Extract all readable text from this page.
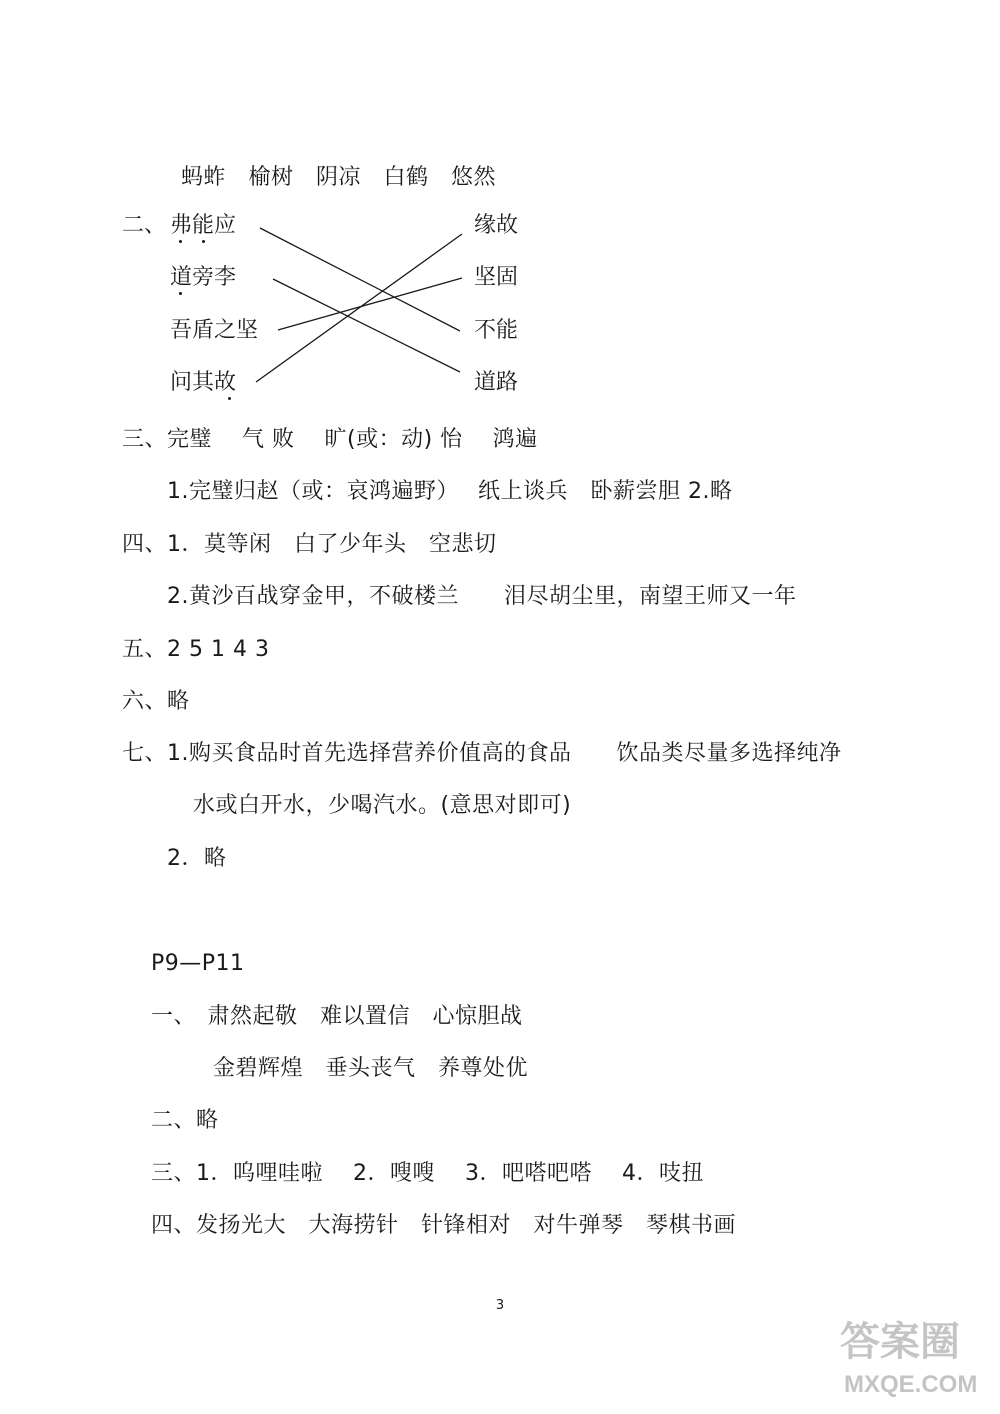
蚂蚱　榆树　阴凉　白鹤　悠然
二、 弗能应
道旁李
吾盾之坚
问其故
缘故
坚固
不能
道路
三、完璧　 气 败　 旷(或：动) 怡　 鸿遍
1.完璧归赵（或：哀鸿遍野）　 纸上谈兵　卧薪尝胆 2.略
四、1．莫等闲　白了少年头　空悲切
2.黄沙百战穿金甲，不破楼兰　　泪尽胡尘里，南望王师又一年
五、2 5 1 4 3
六、略
七、1.购买食品时首先选择营养价值高的食品　　饮品类尽量多选择纯净
水或白开水，少喝汽水。(意思对即可)
2．略
P9—P11
一、　肃然起敬　难以置信　心惊胆战
金碧辉煌　垂头丧气　养尊处优
二、略
三、1．呜哩哇啦　 2．嗖嗖　 3．吧嗒吧嗒　 4．吱扭
四、发扬光大　大海捞针　针锋相对　对牛弹琴　琴棋书画
3
答案圈
MXQE.COM
